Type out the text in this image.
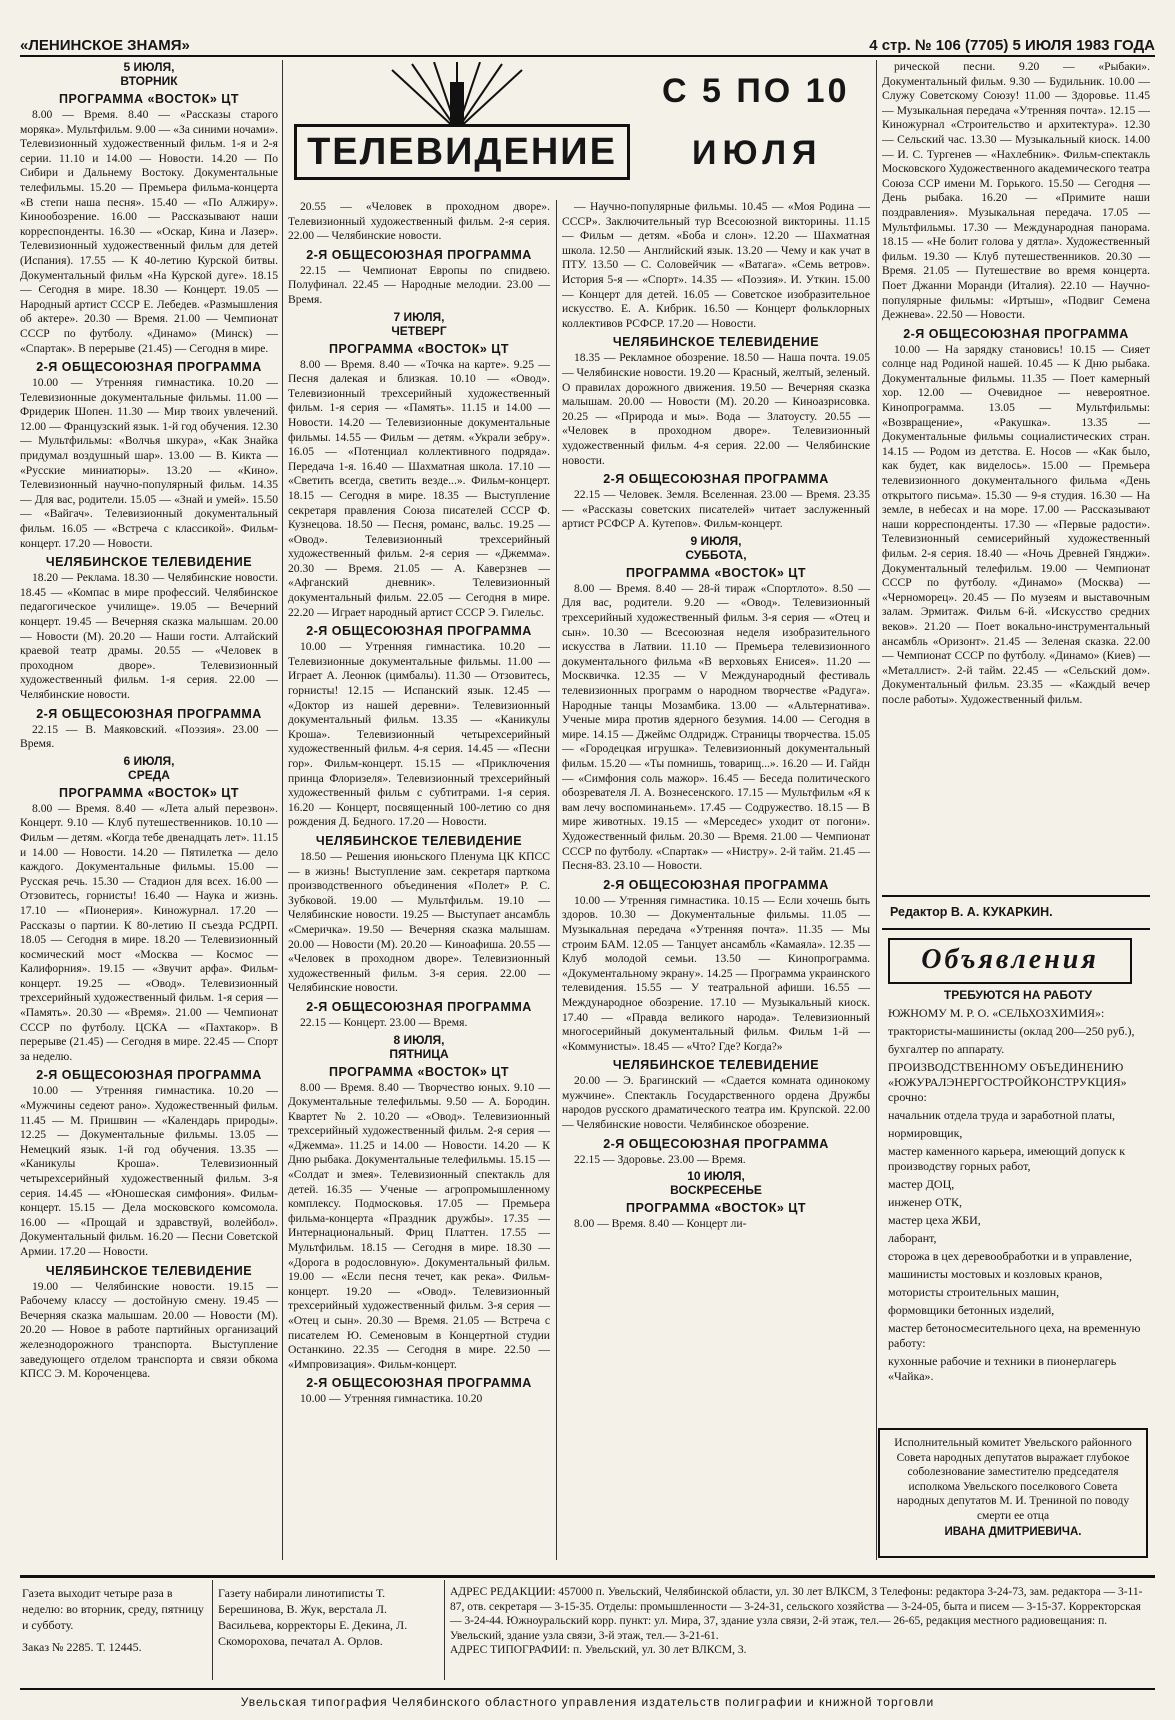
«ЛЕНИНСКОЕ ЗНАМЯ»	4 стр. № 106 (7705) 5 ИЮЛЯ 1983 ГОДА
ТЕЛЕВИДЕНИЕ
С 5 ПО 10
ИЮЛЯ
5 ИЮЛЯ,
ВТОРНИК
ПРОГРАММА «ВОСТОК» ЦТ

8.00 — Время. 8.40 — «Рассказы старого моряка». Мультфильм. 9.00 — «За синими ночами». Телевизионный художественный фильм. 1-я и 2-я серии. 11.10 и 14.00 — Новости. 14.20 — По Сибири и Дальнему Востоку. Документальные телефильмы. 15.20 — Премьера фильма-концерта «В степи наша песня». 15.40 — «По Алжиру». Кинообозрение. 16.00 — Рассказывают наши корреспонденты. 16.30 — «Оскар, Кина и Лазер». Телевизионный художественный фильм для детей (Испания). 17.55 — К 40-летию Курской битвы. Документальный фильм «На Курской дуге». 18.15 — Сегодня в мире. 18.30 — Концерт. 19.05 — Народный артист СССР Е. Лебедев. «Размышления об актере». 20.30 — Время. 21.00 — Чемпионат СССР по футболу. «Динамо» (Минск) — «Спартак». В перерыве (21.45) — Сегодня в мире.

2-Я ОБЩЕСОЮЗНАЯ ПРОГРАММА

10.00 — Утренняя гимнастика. 10.20 — Телевизионные документальные фильмы. 11.00 — Фридерик Шопен. 11.30 — Мир твоих увлечений. 12.00 — Французский язык. 1-й год обучения. 12.30 — Мультфильмы: «Волчья шкура», «Как Знайка придумал воздушный шар». 13.00 — В. Кикта — «Русские миниатюры». 13.20 — «Кино». Телевизионный научно-популярный фильм. 14.35 — Для вас, родители. 15.05 — «Знай и умей». 15.50 — «Вайгач». Телевизионный документальный фильм. 16.05 — «Встреча с классикой». Фильм-концерт. 17.20 — Новости.

ЧЕЛЯБИНСКОЕ ТЕЛЕВИДЕНИЕ

18.20 — Реклама. 18.30 — Челябинские новости. 18.45 — «Компас в мире профессий. Челябинское педагогическое училище». 19.05 — Вечерний концерт. 19.45 — Вечерняя сказка малышам. 20.00 — Новости (М). 20.20 — Наши гости. Алтайский краевой театр драмы. 20.55 — «Человек в проходном дворе». Телевизионный художественный фильм. 1-я серия. 22.00 — Челябинские новости.

2-Я ОБЩЕСОЮЗНАЯ ПРОГРАММА

22.15 — В. Маяковский. «Поэзия». 23.00 — Время.

6 ИЮЛЯ,
СРЕДА
ПРОГРАММА «ВОСТОК» ЦТ

8.00 — Время. 8.40 — «Лета алый перезвон». Концерт. 9.10 — Клуб путешественников. 10.10 — Фильм — детям. «Когда тебе двенадцать лет». 11.15 и 14.00 — Новости. 14.20 — Пятилетка — дело каждого. Документальные фильмы. 15.00 — Русская речь. 15.30 — Стадион для всех. 16.00 — Отзовитесь, горнисты! 16.40 — Наука и жизнь. 17.10 — «Пионерия». Киножурнал. 17.20 — Рассказы о партии. К 80-летию II съезда РСДРП. 18.05 — Сегодня в мире. 18.20 — Телевизионный космический мост «Москва — Космос — Калифорния». 19.15 — «Звучит арфа». Фильм-концерт. 19.25 — «Овод». Телевизионный трехсерийный художественный фильм. 1-я серия — «Память». 20.30 — «Время». 21.00 — Чемпионат СССР по футболу. ЦСКА — «Пахтакор». В перерыве (21.45) — Сегодня в мире. 22.45 — Спорт за неделю.

2-Я ОБЩЕСОЮЗНАЯ ПРОГРАММА

10.00 — Утренняя гимнастика. 10.20 — «Мужчины седеют рано». Художественный фильм. 11.45 — М. Пришвин — «Календарь природы». 12.25 — Документальные фильмы. 13.05 — Немецкий язык. 1-й год обучения. 13.35 — «Каникулы Кроша». Телевизионный четырехсерийный художественный фильм. 3-я серия. 14.45 — «Юношеская симфония». Фильм-концерт. 15.15 — Дела московского комсомола. 16.00 — «Прощай и здравствуй, волейбол». Документальный фильм. 16.20 — Песни Советской Армии. 17.20 — Новости.

ЧЕЛЯБИНСКОЕ ТЕЛЕВИДЕНИЕ

19.00 — Челябинские новости. 19.15 — Рабочему классу — достойную смену. 19.45 — Вечерняя сказка малышам. 20.00 — Новости (М). 20.20 — Новое в работе партийных организаций железнодорожного транспорта. Выступление заведующего отделом транспорта и связи обкома КПСС Э. М. Короченцева.

20.55 — «Человек в проходном дворе». Телевизионный художественный фильм. 2-я серия. 22.00 — Челябинские новости.

2-Я ОБЩЕСОЮЗНАЯ ПРОГРАММА

22.15 — Чемпионат Европы по спидвею. Полуфинал. 22.45 — Народные мелодии. 23.00 — Время.

7 ИЮЛЯ,
ЧЕТВЕРГ
ПРОГРАММА «ВОСТОК» ЦТ

8.00 — Время. 8.40 — «Точка на карте». 9.25 — Песня далекая и близкая. 10.10 — «Овод». Телевизионный трехсерийный художественный фильм. 1-я серия — «Память». 11.15 и 14.00 — Новости. 14.20 — Телевизионные документальные фильмы. 14.55 — Фильм — детям. «Украли зебру». 16.05 — «Потенциал коллективного подряда». Передача 1-я. 16.40 — Шахматная школа. 17.10 — «Светить всегда, светить везде...». Фильм-концерт. 18.15 — Сегодня в мире. 18.35 — Выступление секретаря правления Союза писателей СССР Ф. Кузнецова. 18.50 — Песня, романс, вальс. 19.25 — «Овод». Телевизионный трехсерийный художественный фильм. 2-я серия — «Джемма». 20.30 — Время. 21.05 — А. Каверзнев — «Афганский дневник». Телевизионный документальный фильм. 22.05 — Сегодня в мире. 22.20 — Играет народный артист СССР Э. Гилельс.

2-Я ОБЩЕСОЮЗНАЯ ПРОГРАММА

10.00 — Утренняя гимнастика. 10.20 — Телевизионные документальные фильмы. 11.00 — Играет А. Леонюк (цимбалы). 11.30 — Отзовитесь, горнисты! 12.15 — Испанский язык. 12.45 — «Доктор из нашей деревни». Телевизионный документальный фильм. 13.35 — «Каникулы Кроша». Телевизионный четырехсерийный художественный фильм. 4-я серия. 14.45 — «Песни гор». Фильм-концерт. 15.15 — «Приключения принца Флоризеля». Телевизионный трехсерийный художественный фильм с субтитрами. 1-я серия. 16.20 — Концерт, посвященный 100-летию со дня рождения Д. Бедного. 17.20 — Новости.

ЧЕЛЯБИНСКОЕ ТЕЛЕВИДЕНИЕ

18.50 — Решения июньского Пленума ЦК КПСС — в жизнь! Выступление зам. секретаря парткома производственного объединения «Полет» Р. С. Зубковой. 19.00 — Мультфильм. 19.10 — Челябинские новости. 19.25 — Выступает ансамбль «Смеричка». 19.50 — Вечерняя сказка малышам. 20.00 — Новости (М). 20.20 — Киноафиша. 20.55 — «Человек в проходном дворе». Телевизионный художественный фильм. 3-я серия. 22.00 — Челябинские новости.

2-Я ОБЩЕСОЮЗНАЯ ПРОГРАММА

22.15 — Концерт. 23.00 — Время.

8 ИЮЛЯ,
ПЯТНИЦА
ПРОГРАММА «ВОСТОК» ЦТ

8.00 — Время. 8.40 — Творчество юных. 9.10 — Документальные телефильмы. 9.50 — А. Бородин. Квартет № 2. 10.20 — «Овод». Телевизионный трехсерийный художественный фильм. 2-я серия — «Джемма». 11.25 и 14.00 — Новости. 14.20 — К Дню рыбака. Документальные телефильмы. 15.15 — «Солдат и змея». Телевизионный спектакль для детей. 16.35 — Ученые — агропромышленному комплексу. Подмосковья. 17.05 — Премьера фильма-концерта «Праздник дружбы». 17.35 — Интернациональный. Фриц Платтен. 17.55 — Мультфильм. 18.15 — Сегодня в мире. 18.30 — «Дорога в родословную». Документальный фильм. 19.00 — «Если песня течет, как река». Фильм-концерт. 19.20 — «Овод». Телевизионный трехсерийный художественный фильм. 3-я серия — «Отец и сын». 20.30 — Время. 21.05 — Встреча с писателем Ю. Семеновым в Концертной студии Останкино. 22.35 — Сегодня в мире. 22.50 — «Импровизация». Фильм-концерт.

2-Я ОБЩЕСОЮЗНАЯ ПРОГРАММА

10.00 — Утренняя гимнастика. 10.20

— Научно-популярные фильмы. 10.45 — «Моя Родина — СССР». Заключительный тур Всесоюзной викторины. 11.15 — Фильм — детям. «Боба и слон». 12.20 — Шахматная школа. 12.50 — Английский язык. 13.20 — Чему и как учат в ПТУ. 13.50 — С. Соловейчик — «Ватага». «Семь ветров». История 5-я — «Спорт». 14.35 — «Поэзия». И. Уткин. 15.00 — Концерт для детей. 16.05 — Советское изобразительное искусство. Е. А. Кибрик. 16.50 — Концерт фольклорных коллективов РСФСР. 17.20 — Новости.

ЧЕЛЯБИНСКОЕ ТЕЛЕВИДЕНИЕ

18.35 — Рекламное обозрение. 18.50 — Наша почта. 19.05 — Челябинские новости. 19.20 — Красный, желтый, зеленый. О правилах дорожного движения. 19.50 — Вечерняя сказка малышам. 20.00 — Новости (М). 20.20 — Киноазрисовка. 20.25 — «Природа и мы». Вода — Златоусту. 20.55 — «Человек в проходном дворе». Телевизионный художественный фильм. 4-я серия. 22.00 — Челябинские новости.

2-Я ОБЩЕСОЮЗНАЯ ПРОГРАММА

22.15 — Человек. Земля. Вселенная. 23.00 — Время. 23.35 — «Рассказы советских писателей» читает заслуженный артист РСФСР А. Кутепов». Фильм-концерт.

9 ИЮЛЯ,
СУББОТА,
ПРОГРАММА «ВОСТОК» ЦТ

8.00 — Время. 8.40 — 28-й тираж «Спортлото». 8.50 — Для вас, родители. 9.20 — «Овод». Телевизионный трехсерийный художественный фильм. 3-я серия — «Отец и сын». 10.30 — Всесоюзная неделя изобразительного искусства в Латвии. 11.10 — Премьера телевизионного документального фильма «В верховьях Енисея». 11.20 — Москвичка. 12.35 — V Международный фестиваль телевизионных программ о народном творчестве «Радуга». Народные танцы Мозамбика. 13.00 — «Альтернатива». Ученые мира против ядерного безумия. 14.00 — Сегодня в мире. 14.15 — Джеймс Олдридж. Страницы творчества. 15.05 — «Городецкая игрушка». Телевизионный документальный фильм. 15.20 — «Ты помнишь, товарищ...». 16.20 — И. Гайдн — «Симфония соль мажор». 16.45 — Беседа политического обозревателя Л. А. Вознесенского. 17.15 — Мультфильм «Я к вам лечу воспоминаньем». 17.45 — Содружество. 18.15 — В мире животных. 19.15 — «Мерседес» уходит от погони». Художественный фильм. 20.30 — Время. 21.00 — Чемпионат СССР по футболу. «Спартак» — «Нистру». 2-й тайм. 21.45 — Песня-83. 23.10 — Новости.

2-Я ОБЩЕСОЮЗНАЯ ПРОГРАММА

10.00 — Утренняя гимнастика. 10.15 — Если хочешь быть здоров. 10.30 — Документальные фильмы. 11.05 — Музыкальная передача «Утренняя почта». 11.35 — Мы строим БАМ. 12.05 — Танцует ансамбль «Камаяла». 12.35 — Клуб молодой семьи. 13.50 — Кинопрограмма. «Документальному экрану». 14.25 — Программа украинского телевидения. 15.55 — У театральной афиши. 16.55 — Международное обозрение. 17.10 — Музыкальный киоск. 17.40 — «Правда великого народа». Телевизионный многосерийный документальный фильм. Фильм 1-й — «Коммунисты». 18.45 — «Что? Где? Когда?»

ЧЕЛЯБИНСКОЕ ТЕЛЕВИДЕНИЕ

20.00 — Э. Брагинский — «Сдается комната одинокому мужчине». Спектакль Государственного ордена Дружбы народов русского драматического театра им. Крупской. 22.00 — Челябинские новости. Челябинское обозрение.

2-Я ОБЩЕСОЮЗНАЯ ПРОГРАММА

22.15 — Здоровье. 23.00 — Время.

10 ИЮЛЯ,
ВОСКРЕСЕНЬЕ
ПРОГРАММА «ВОСТОК» ЦТ

8.00 — Время. 8.40 — Концерт ли-

рической песни. 9.20 — «Рыбаки». Документальный фильм. 9.30 — Будильник. 10.00 — Служу Советскому Союзу! 11.00 — Здоровье. 11.45 — Музыкальная передача «Утренняя почта». 12.15 — Киножурнал «Строительство и архитектура». 12.30 — Сельский час. 13.30 — Музыкальный киоск. 14.00 — И. С. Тургенев — «Нахлебник». Фильм-спектакль Московского Художественного академического театра Союза ССР имени М. Горького. 15.50 — Сегодня — День рыбака. 16.20 — «Примите наши поздравления». Музыкальная передача. 17.05 — Мультфильмы. 17.30 — Международная панорама. 18.15 — «Не болит голова у дятла». Художественный фильм. 19.30 — Клуб путешественников. 20.30 — Время. 21.05 — Путешествие во время концерта. Поет Джанни Моранди (Италия). 22.10 — Научно-популярные фильмы: «Иртыш», «Подвиг Семена Дежнева». 22.50 — Новости.

2-Я ОБЩЕСОЮЗНАЯ ПРОГРАММА

10.00 — На зарядку становись! 10.15 — Сияет солнце над Родиной нашей. 10.45 — К Дню рыбака. Документальные фильмы. 11.35 — Поет камерный хор. 12.00 — Очевидное — невероятное. Кинопрограмма. 13.05 — Мультфильмы: «Возвращение», «Ракушка». 13.35 — Документальные фильмы социалистических стран. 14.15 — Родом из детства. Е. Носов — «Как было, как будет, как виделось». 15.00 — Премьера телевизионного документального фильма «День открытого письма». 15.30 — 9-я студия. 16.30 — На земле, в небесах и на море. 17.00 — Рассказывают наши корреспонденты. 17.30 — «Первые радости». Телевизионный семисерийный художественный фильм. 2-я серия. 18.40 — «Ночь Древней Гянджи». Документальный телефильм. 19.00 — Чемпионат СССР по футболу. «Динамо» (Москва) — «Черноморец». 20.45 — По музеям и выставочным залам. Эрмитаж. Фильм 6-й. «Искусство средних веков». 21.20 — Поет вокально-инструментальный ансамбль «Оризонт». 21.45 — Зеленая сказка. 22.00 — Чемпионат СССР по футболу. «Динамо» (Киев) — «Металлист». 2-й тайм. 22.45 — «Сельский дом». Документальный фильм. 23.35 — «Каждый вечер после работы». Художественный фильм.

Редактор В. А. КУКАРКИН.
Объявления

ТРЕБУЮТСЯ НА РАБОТУ

ЮЖНОМУ М. Р. О. «СЕЛЬХОЗХИМИЯ»:

трактористы-машинисты (оклад 200—250 руб.),

бухгалтер по аппарату.

ПРОИЗВОДСТВЕННОМУ ОБЪЕДИНЕНИЮ «ЮЖУРАЛЭНЕРГОСТРОЙКОНСТРУКЦИЯ» срочно:

начальник отдела труда и заработной платы,

нормировщик,

мастер каменного карьера, имеющий допуск к производству горных работ,

мастер ДОЦ,

инженер ОТК,

мастер цеха ЖБИ,

лаборант,

сторожа в цех деревообработки и в управление,

машинисты мостовых и козловых кранов,

мотористы строительных машин,

формовщики бетонных изделий,

мастер бетоносмесительного цеха, на временную работу:

кухонные рабочие и техники в пионерлагерь «Чайка».

Исполнительный комитет Увельского районного Совета народных депутатов выражает глубокое соболезнование заместителю председателя исполкома Увельского поселкового Совета народных депутатов М. И. Трениной по поводу смерти ее отца
ИВАНА ДМИТРИЕВИЧА.
Газета выходит четыре раза в неделю: во вторник, среду, пятницу и субботу.
Заказ № 2285. Т. 12445.
Газету набирали линотиписты Т. Берешинова, В. Жук, верстала Л. Васильева, корректоры Е. Декина, Л. Скоморохова, печатал А. Орлов.
АДРЕС РЕДАКЦИИ: 457000 п. Увельский, Челябинской области, ул. 30 лет ВЛКСМ, 3 Телефоны: редактора 3-24-73, зам. редактора — 3-11-87, отв. секретаря — 3-15-35. Отделы: промышленности — 3-24-31, сельского хозяйства — 3-24-05, быта и писем — 3-15-37. Корректорская — 3-24-44. Южноуральский корр. пункт: ул. Мира, 37, здание узла связи, 2-й этаж, тел.— 26-65, редакция местного радиовещания: п. Увельский, здание узла связи, 3-й этаж, тел.— 3-21-61.
АДРЕС ТИПОГРАФИИ: п. Увельский, ул. 30 лет ВЛКСМ, 3.
Увельская типография Челябинского областного управления издательств полиграфии и книжной торговли
